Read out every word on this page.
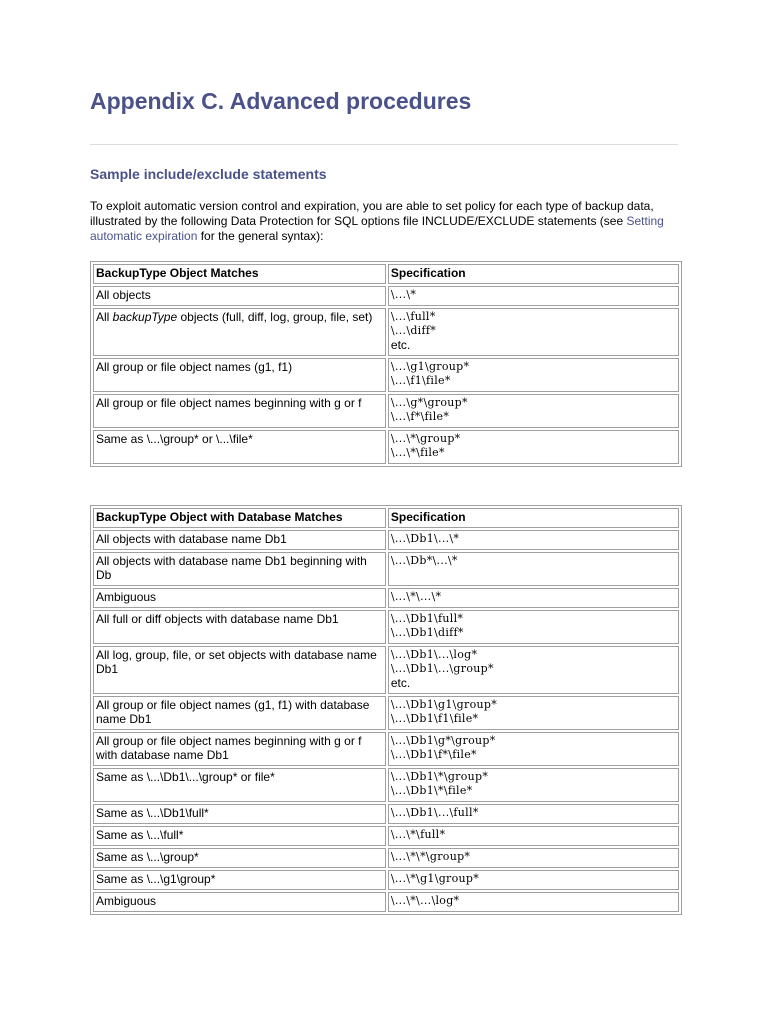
Appendix C. Advanced procedures
Sample include/exclude statements

To exploit automatic version control and expiration, you are able to set policy for each type of backup data, illustrated by the following Data Protection for SQL options file INCLUDE/EXCLUDE statements (see Setting automatic expiration for the general syntax):

BackupType Object Matches	Specification
All objects	\...\*

All backupType objects (full, diff, log, group, file, set)	\...\full*
\...\diff*
etc.

All group or file object names (g1, f1)	\...\g1\group*
\...\f1\file*

All group or file object names beginning with g or f	\...\g*\group*
\...\f*\file*

Same as \...\group* or \...\file*	\...\*\group*
\...\*\file*
BackupType Object with Database Matches	Specification
All objects with database name Db1	\...\Db1\...\*

All objects with database name Db1 beginning with Db	\...\Db*\...\*

Ambiguous	\...\*\...\*

All full or diff objects with database name Db1	\...\Db1\full*
\...\Db1\diff*

All log, group, file, or set objects with database name Db1	\...\Db1\...\log*
\...\Db1\...\group*
etc.

All group or file object names (g1, f1) with database name Db1	\...\Db1\g1\group*
\...\Db1\f1\file*

All group or file object names beginning with g or f with database name Db1	\...\Db1\g*\group*
\...\Db1\f*\file*

Same as \...\Db1\...\group* or file*	\...\Db1\*\group*
\...\Db1\*\file*

Same as \...\Db1\full*	\...\Db1\...\full*

Same as \...\full*	\...\*\full*

Same as \...\group*	\...\*\*\group*

Same as \...\g1\group*	\...\*\g1\group*

Ambiguous	\...\*\...\log*
